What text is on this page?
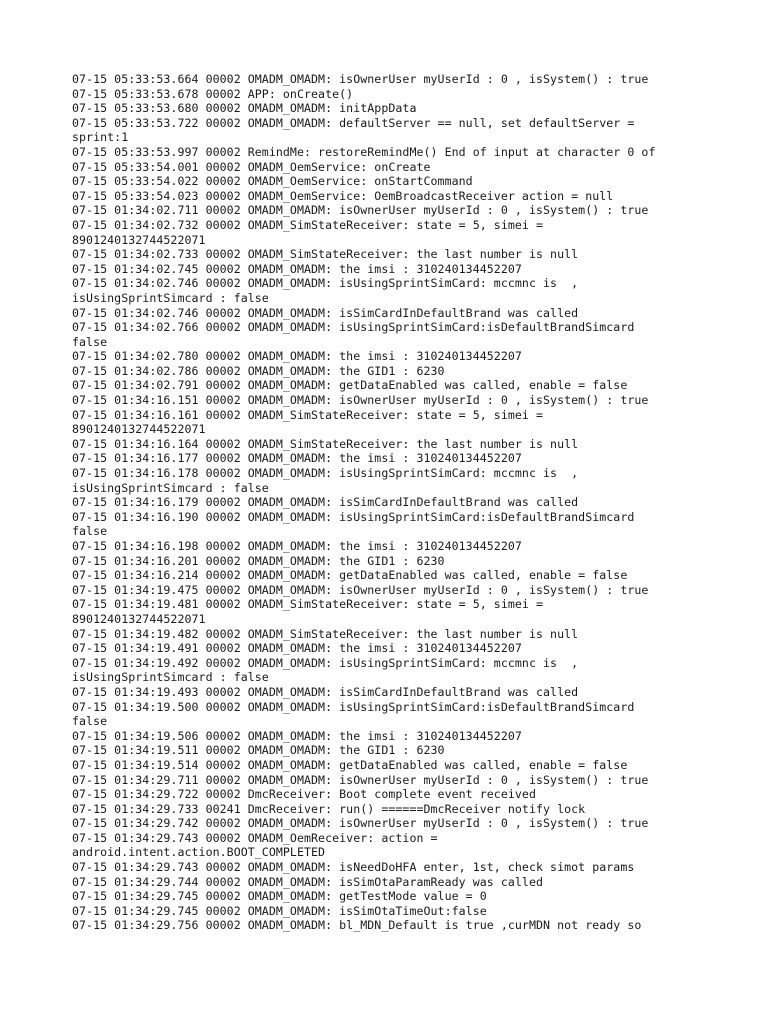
07-15 05:33:53.664 00002 OMADM_OMADM: isOwnerUser myUserId : 0 , isSystem() : true
07-15 05:33:53.678 00002 APP: onCreate()
07-15 05:33:53.680 00002 OMADM_OMADM: initAppData
07-15 05:33:53.722 00002 OMADM_OMADM: defaultServer == null, set defaultServer =
sprint:1
07-15 05:33:53.997 00002 RemindMe: restoreRemindMe() End of input at character 0 of
07-15 05:33:54.001 00002 OMADM_OemService: onCreate
07-15 05:33:54.022 00002 OMADM_OemService: onStartCommand
07-15 05:33:54.023 00002 OMADM_OemService: OemBroadcastReceiver action = null
07-15 01:34:02.711 00002 OMADM_OMADM: isOwnerUser myUserId : 0 , isSystem() : true
07-15 01:34:02.732 00002 OMADM_SimStateReceiver: state = 5, simei =
8901240132744522071
07-15 01:34:02.733 00002 OMADM_SimStateReceiver: the last number is null
07-15 01:34:02.745 00002 OMADM_OMADM: the imsi : 310240134452207
07-15 01:34:02.746 00002 OMADM_OMADM: isUsingSprintSimCard: mccmnc is  ,
isUsingSprintSimcard : false
07-15 01:34:02.746 00002 OMADM_OMADM: isSimCardInDefaultBrand was called
07-15 01:34:02.766 00002 OMADM_OMADM: isUsingSprintSimCard:isDefaultBrandSimcard
false
07-15 01:34:02.780 00002 OMADM_OMADM: the imsi : 310240134452207
07-15 01:34:02.786 00002 OMADM_OMADM: the GID1 : 6230
07-15 01:34:02.791 00002 OMADM_OMADM: getDataEnabled was called, enable = false
07-15 01:34:16.151 00002 OMADM_OMADM: isOwnerUser myUserId : 0 , isSystem() : true
07-15 01:34:16.161 00002 OMADM_SimStateReceiver: state = 5, simei =
8901240132744522071
07-15 01:34:16.164 00002 OMADM_SimStateReceiver: the last number is null
07-15 01:34:16.177 00002 OMADM_OMADM: the imsi : 310240134452207
07-15 01:34:16.178 00002 OMADM_OMADM: isUsingSprintSimCard: mccmnc is  ,
isUsingSprintSimcard : false
07-15 01:34:16.179 00002 OMADM_OMADM: isSimCardInDefaultBrand was called
07-15 01:34:16.190 00002 OMADM_OMADM: isUsingSprintSimCard:isDefaultBrandSimcard
false
07-15 01:34:16.198 00002 OMADM_OMADM: the imsi : 310240134452207
07-15 01:34:16.201 00002 OMADM_OMADM: the GID1 : 6230
07-15 01:34:16.214 00002 OMADM_OMADM: getDataEnabled was called, enable = false
07-15 01:34:19.475 00002 OMADM_OMADM: isOwnerUser myUserId : 0 , isSystem() : true
07-15 01:34:19.481 00002 OMADM_SimStateReceiver: state = 5, simei =
8901240132744522071
07-15 01:34:19.482 00002 OMADM_SimStateReceiver: the last number is null
07-15 01:34:19.491 00002 OMADM_OMADM: the imsi : 310240134452207
07-15 01:34:19.492 00002 OMADM_OMADM: isUsingSprintSimCard: mccmnc is  ,
isUsingSprintSimcard : false
07-15 01:34:19.493 00002 OMADM_OMADM: isSimCardInDefaultBrand was called
07-15 01:34:19.500 00002 OMADM_OMADM: isUsingSprintSimCard:isDefaultBrandSimcard
false
07-15 01:34:19.506 00002 OMADM_OMADM: the imsi : 310240134452207
07-15 01:34:19.511 00002 OMADM_OMADM: the GID1 : 6230
07-15 01:34:19.514 00002 OMADM_OMADM: getDataEnabled was called, enable = false
07-15 01:34:29.711 00002 OMADM_OMADM: isOwnerUser myUserId : 0 , isSystem() : true
07-15 01:34:29.722 00002 DmcReceiver: Boot complete event received
07-15 01:34:29.733 00241 DmcReceiver: run() ======DmcReceiver notify lock
07-15 01:34:29.742 00002 OMADM_OMADM: isOwnerUser myUserId : 0 , isSystem() : true
07-15 01:34:29.743 00002 OMADM_OemReceiver: action =
android.intent.action.BOOT_COMPLETED
07-15 01:34:29.743 00002 OMADM_OMADM: isNeedDoHFA enter, 1st, check simot params
07-15 01:34:29.744 00002 OMADM_OMADM: isSimOtaParamReady was called
07-15 01:34:29.745 00002 OMADM_OMADM: getTestMode value = 0
07-15 01:34:29.745 00002 OMADM_OMADM: isSimOtaTimeOut:false
07-15 01:34:29.756 00002 OMADM_OMADM: bl_MDN_Default is true ,curMDN not ready so
